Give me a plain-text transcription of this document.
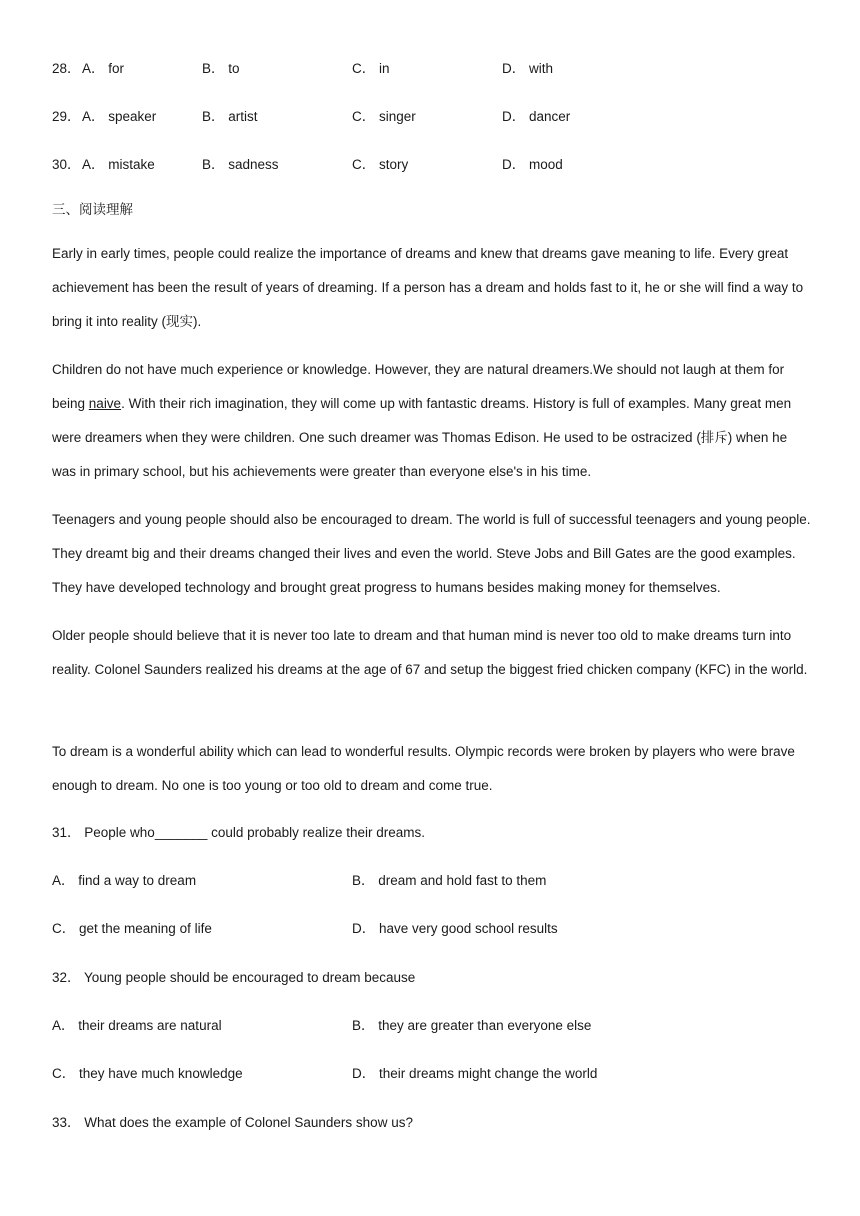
28． A． for	B． to	C． in	D． with
29． A． speaker	B． artist	C． singer	D． dancer
30． A． mistake	B． sadness	C． story	D． mood
三、阅读理解

Early in early times, people could realize the importance of dreams and knew that dreams gave meaning to life. Every great achievement has been the result of years of dreaming. If a person has a dream and holds fast to it, he or she will find a way to bring it into reality (现实).

Children do not have much experience or knowledge. However, they are natural dreamers.We should not laugh at them for being naive. With their rich imagination, they will come up with fantastic dreams. History is full of examples. Many great men were dreamers when they were children. One such dreamer was Thomas Edison. He used to be ostracized (排斥) when he was in primary school, but his achievements were greater than everyone else's in his time.

Teenagers and young people should also be encouraged to dream. The world is full of successful teenagers and young people. They dreamt big and their dreams changed their lives and even the world. Steve Jobs and Bill Gates are the good examples. They have developed technology and brought great progress to humans besides making money for themselves.

Older people should believe that it is never too late to dream and that human mind is never too old to make dreams turn into reality. Colonel Saunders realized his dreams at the age of 67 and setup the biggest fried chicken company (KFC) in the world.

To dream is a wonderful ability which can lead to wonderful results. Olympic records were broken by players who were brave enough to dream. No one is too young or too old to dream and come true.

31． People who_______ could probably realize their dreams.
A． find a way to dream	B． dream and hold fast to them
C． get the meaning of life	D． have very good school results
32． Young people should be encouraged to dream because
A． their dreams are natural	B． they are greater than everyone else
C． they have much knowledge	D． their dreams might change the world
33． What does the example of Colonel Saunders show us?
